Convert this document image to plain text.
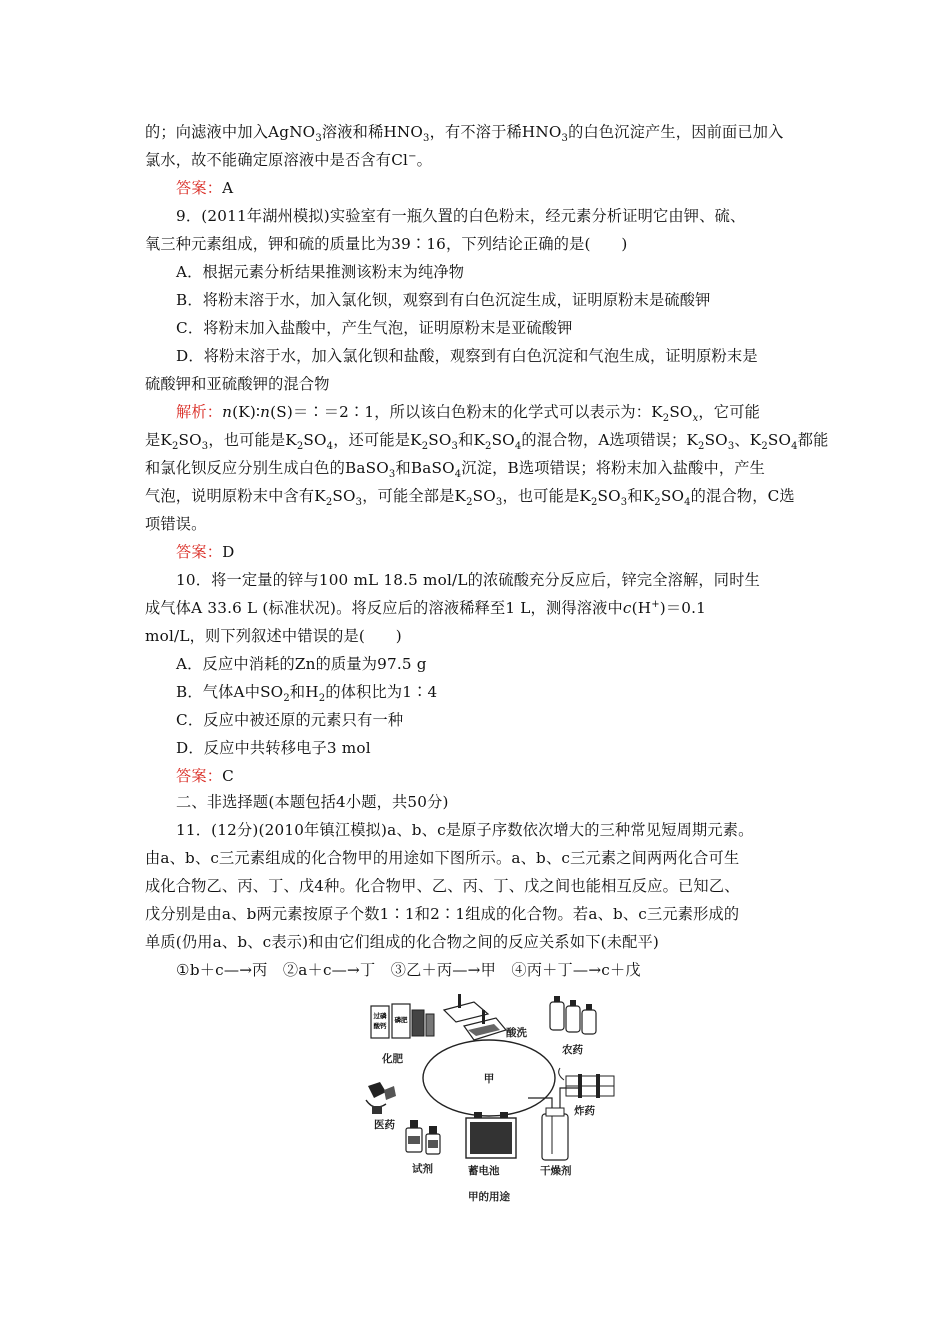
的；向滤液中加入AgNO$_3$溶液和稀$HNO_3$，有不溶于稀$HNO_3$的白色沉淀产生，因前面已加入
氯水，故不能确定原溶液中是否含有Cl−。
答案：A
9．(2011年湖州模拟)实验室有一瓶久置的白色粉末，经元素分析证明它由钾、硫、
氧三种元素组成，钾和硫的质量比为39∶16，下列结论正确的是(　　)
A．根据元素分析结果推测该粉末为纯净物
B．将粉末溶于水，加入氯化钡，观察到有白色沉淀生成，证明原粉末是硫酸钾
C．将粉末加入盐酸中，产生气泡，证明原粉末是亚硫酸钾
D．将粉末溶于水，加入氯化钡和盐酸，观察到有白色沉淀和气泡生成，证明原粉末是
硫酸钾和亚硫酸钾的混合物
解析：n(K)∶n(S)＝∶＝2∶1，所以该白色粉末的化学式可以表示为：$K_2SO_x$，它可能
是$K_2SO_3$，也可能是$K_2SO_4$，还可能是$K_2SO_3$和$K_2SO_4$的混合物，A选项错误；$K_2SO_3$、$K_2SO_4$都能
和氯化钡反应分别生成白色的BaSO$_3$和BaSO$_4$沉淀，B选项错误；将粉末加入盐酸中，产生
气泡，说明原粉末中含有$K_2SO_3$，可能全部是$K_2SO_3$，也可能是$K_2SO_3$和$K_2SO_4$的混合物，C选
项错误。
答案：D
10．将一定量的锌与100 mL 18.5 mol/L的浓硫酸充分反应后，锌完全溶解，同时生
成气体A 33.6 L (标准状况)。将反应后的溶液稀释至1 L，测得溶液中c(H+)＝0.1
mol/L，则下列叙述中错误的是(　　)
A．反应中消耗的Zn的质量为97.5 g
B．气体A中$SO_2$和$H_2$的体积比为1∶4
C．反应中被还原的元素只有一种
D．反应中共转移电子3 mol
答案：C
二、非选择题(本题包括4小题，共50分)
11．(12分)(2010年镇江模拟)a、b、c是原子序数依次增大的三种常见短周期元素。
由a、b、c三元素组成的化合物甲的用途如下图所示。a、b、c三元素之间两两化合可生
成化合物乙、丙、丁、戊4种。化合物甲、乙、丙、丁、戊之间也能相互反应。已知乙、
戊分别是由a、b两元素按原子个数1∶1和2∶1组成的化合物。若a、b、c三元素形成的
单质(仍用a、b、c表示)和由它们组成的化合物之间的反应关系如下(未配平)
①b＋c—→丙　②a＋c—→丁　③乙＋丙—→甲　④丙＋丁—→c＋戊
甲
过磷
酸钙
磷肥
化肥
酸洗
农药
炸药
干燥剂
蓄电池
试剂
医药
甲的用途
